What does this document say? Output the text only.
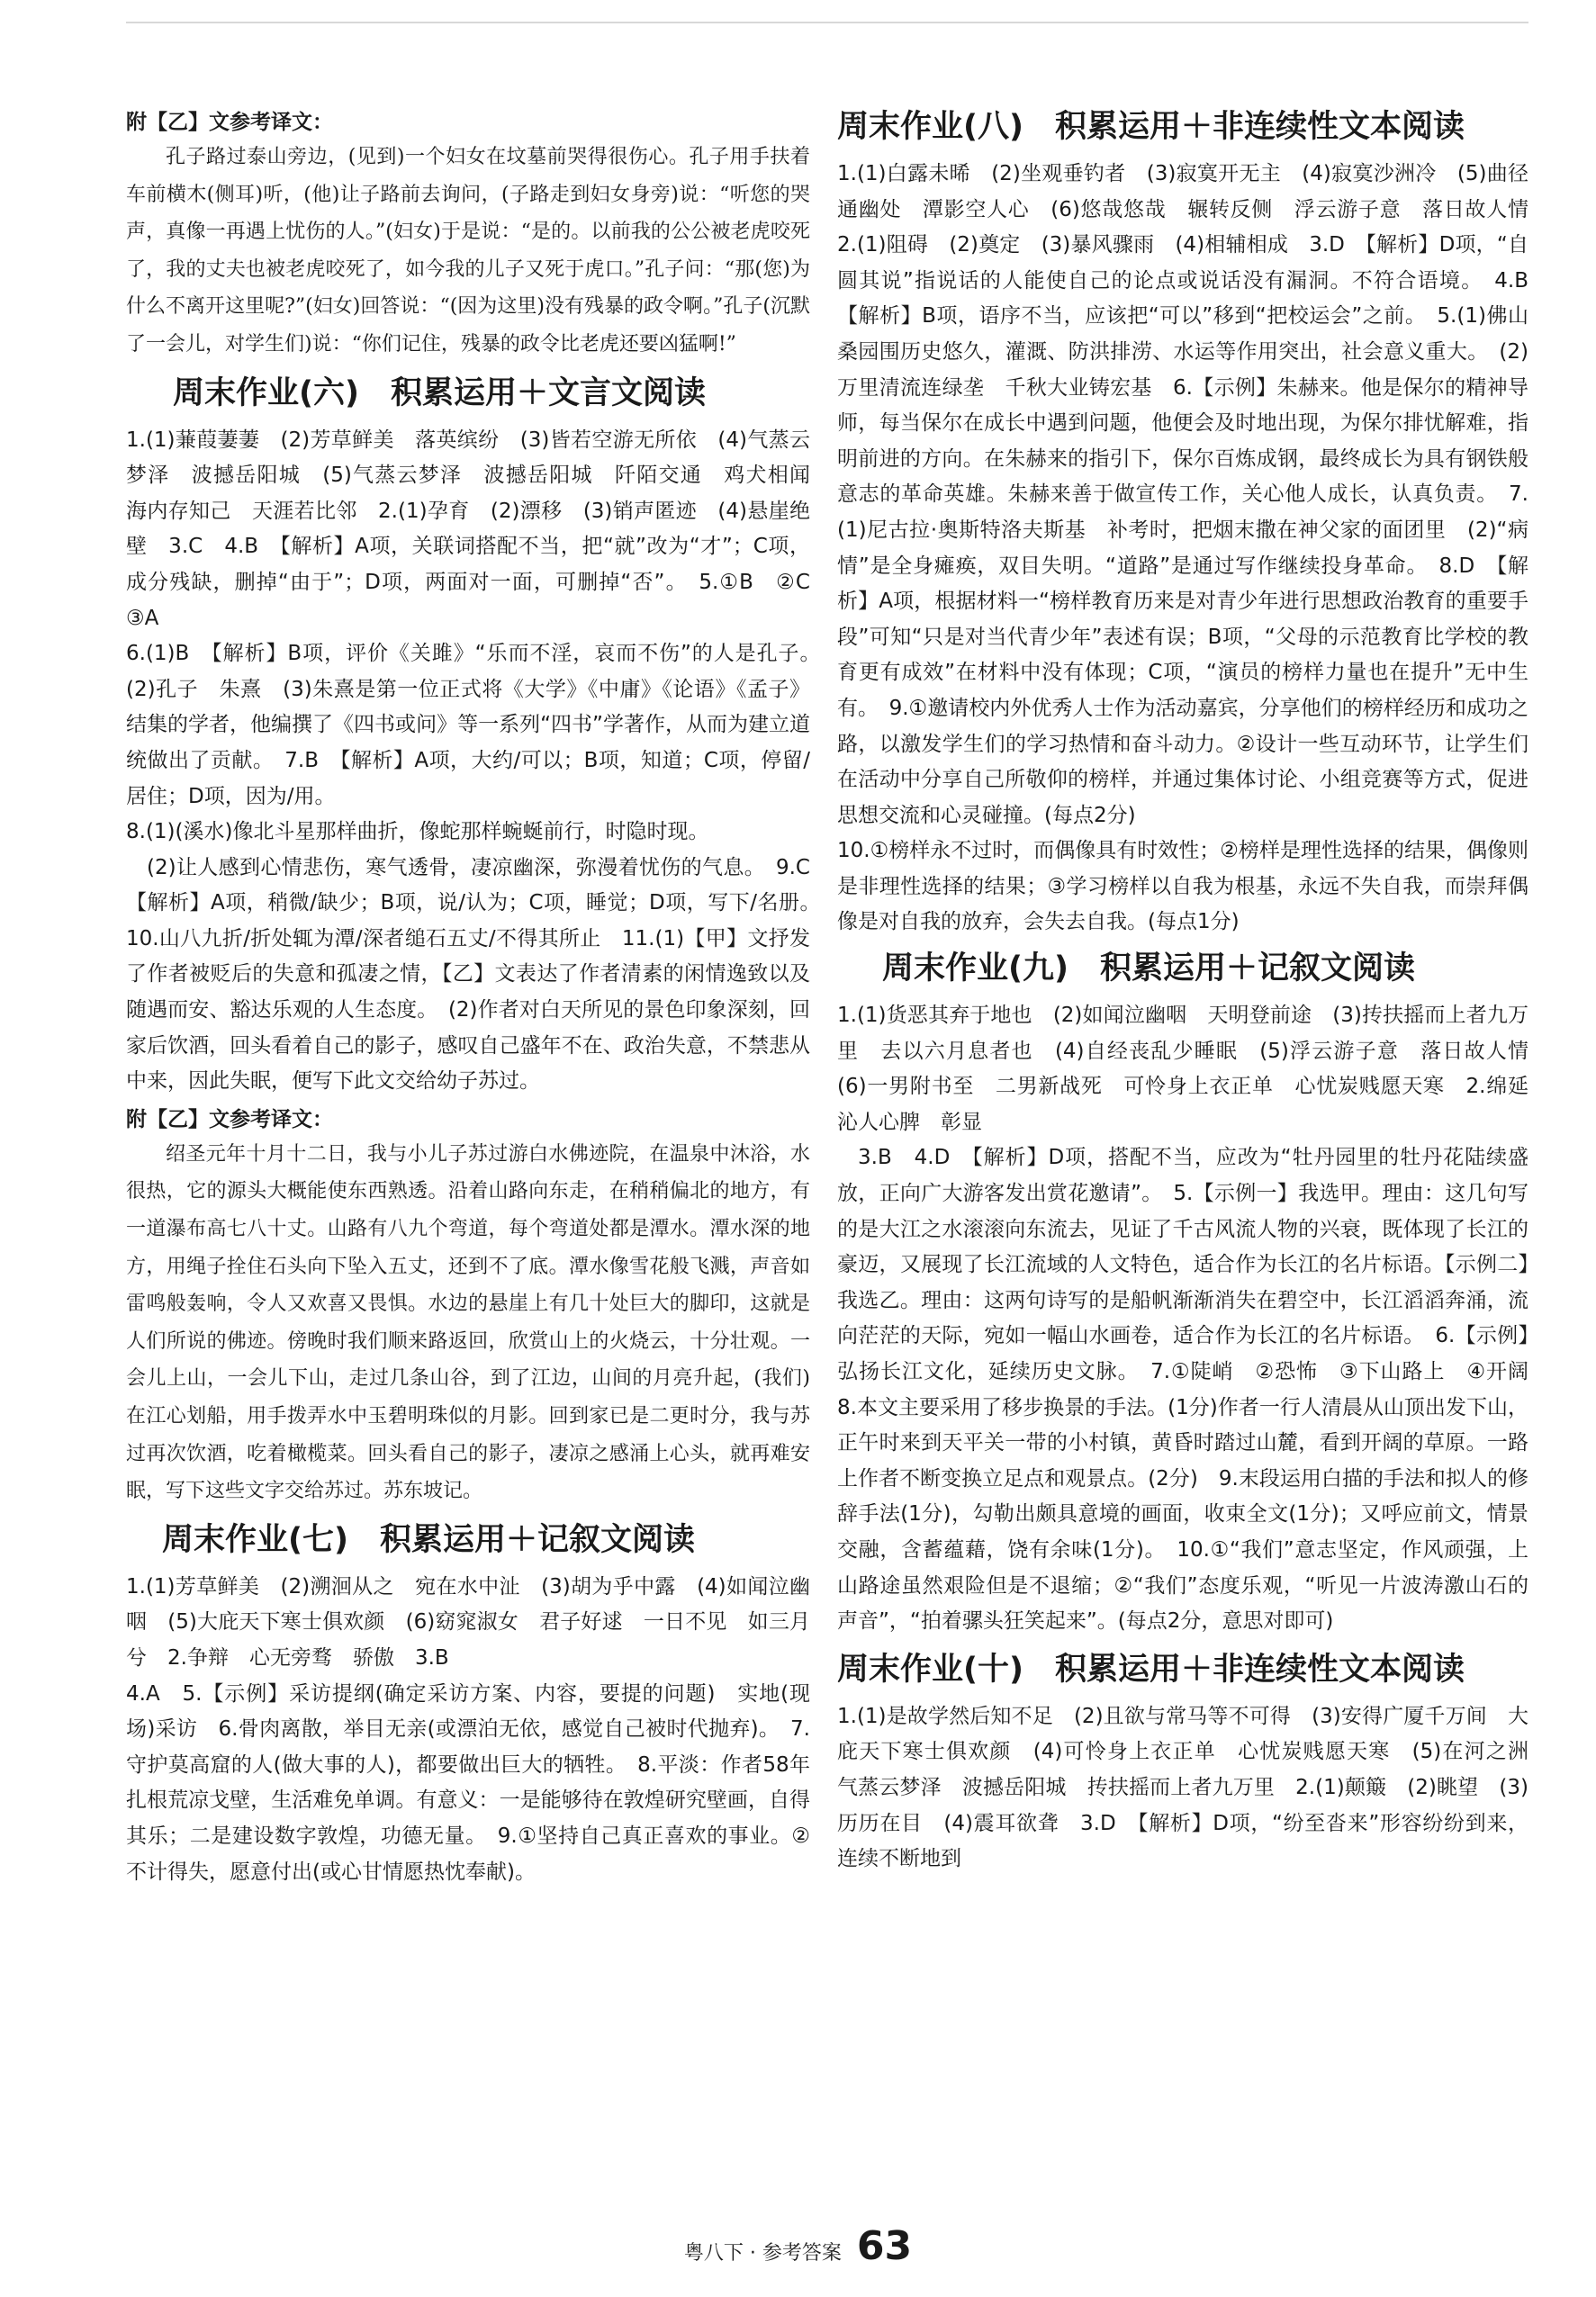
附【乙】文参考译文：

孔子路过泰山旁边，(见到)一个妇女在坟墓前哭得很伤心。孔子用手扶着车前横木(侧耳)听，(他)让子路前去询问，(子路走到妇女身旁)说：“听您的哭声，真像一再遇上忧伤的人。”(妇女)于是说：“是的。以前我的公公被老虎咬死了，我的丈夫也被老虎咬死了，如今我的儿子又死于虎口。”孔子问：“那(您)为什么不离开这里呢?”(妇女)回答说：“(因为这里)没有残暴的政令啊。”孔子(沉默了一会儿，对学生们)说：“你们记住，残暴的政令比老虎还要凶猛啊!”

周末作业(六)　积累运用＋文言文阅读

1.(1)蒹葭萋萋　(2)芳草鲜美　落英缤纷　(3)皆若空游无所依　(4)气蒸云梦泽　波撼岳阳城　(5)气蒸云梦泽　波撼岳阳城　阡陌交通　鸡犬相闻　海内存知己　天涯若比邻　2.(1)孕育　(2)漂移　(3)销声匿迹　(4)悬崖绝壁　3.C　4.B　【解析】A项，关联词搭配不当，把“就”改为“才”；C项，成分残缺，删掉“由于”；D项，两面对一面，可删掉“否”。　5.①B　②C　③A

6.(1)B　【解析】B项，评价《关雎》“乐而不淫，哀而不伤”的人是孔子。　(2)孔子　朱熹　(3)朱熹是第一位正式将《大学》《中庸》《论语》《孟子》结集的学者，他编撰了《四书或问》等一系列“四书”学著作，从而为建立道统做出了贡献。　7.B　【解析】A项，大约/可以；B项，知道；C项，停留/居住；D项，因为/用。

8.(1)(溪水)像北斗星那样曲折，像蛇那样蜿蜒前行，时隐时现。

(2)让人感到心情悲伤，寒气透骨，凄凉幽深，弥漫着忧伤的气息。　9.C　【解析】A项，稍微/缺少；B项，说/认为；C项，睡觉；D项，写下/名册。　10.山八九折/折处辄为潭/深者缒石五丈/不得其所止　11.(1)【甲】文抒发了作者被贬后的失意和孤凄之情，【乙】文表达了作者清素的闲情逸致以及随遇而安、豁达乐观的人生态度。　(2)作者对白天所见的景色印象深刻，回家后饮酒，回头看着自己的影子，感叹自己盛年不在、政治失意，不禁悲从中来，因此失眠，便写下此文交给幼子苏过。

附【乙】文参考译文：

绍圣元年十月十二日，我与小儿子苏过游白水佛迹院，在温泉中沐浴，水很热，它的源头大概能使东西熟透。沿着山路向东走，在稍稍偏北的地方，有一道瀑布高七八十丈。山路有八九个弯道，每个弯道处都是潭水。潭水深的地方，用绳子拴住石头向下坠入五丈，还到不了底。潭水像雪花般飞溅，声音如雷鸣般轰响，令人又欢喜又畏惧。水边的悬崖上有几十处巨大的脚印，这就是人们所说的佛迹。傍晚时我们顺来路返回，欣赏山上的火烧云，十分壮观。一会儿上山，一会儿下山，走过几条山谷，到了江边，山间的月亮升起，(我们)在江心划船，用手拨弄水中玉碧明珠似的月影。回到家已是二更时分，我与苏过再次饮酒，吃着橄榄菜。回头看自己的影子，凄凉之感涌上心头，就再难安眠，写下这些文字交给苏过。苏东坡记。

周末作业(七)　积累运用＋记叙文阅读

1.(1)芳草鲜美　(2)溯洄从之　宛在水中沚　(3)胡为乎中露　(4)如闻泣幽咽　(5)大庇天下寒士俱欢颜　(6)窈窕淑女　君子好逑　一日不见　如三月兮　2.争辩　心无旁骛　骄傲　3.B

4.A　5.【示例】采访提纲(确定采访方案、内容，要提的问题)　实地(现场)采访　6.骨肉离散，举目无亲(或漂泊无依，感觉自己被时代抛弃)。　7.守护莫高窟的人(做大事的人)，都要做出巨大的牺牲。　8.平淡：作者58年扎根荒凉戈壁，生活难免单调。有意义：一是能够待在敦煌研究壁画，自得其乐；二是建设数字敦煌，功德无量。　9.①坚持自己真正喜欢的事业。②不计得失，愿意付出(或心甘情愿热忱奉献)。

周末作业(八)　积累运用＋非连续性文本阅读

1.(1)白露未晞　(2)坐观垂钓者　(3)寂寞开无主　(4)寂寞沙洲冷　(5)曲径通幽处　潭影空人心　(6)悠哉悠哉　辗转反侧　浮云游子意　落日故人情　2.(1)阻碍　(2)奠定　(3)暴风骤雨　(4)相辅相成　3.D　【解析】D项，“自圆其说”指说话的人能使自己的论点或说话没有漏洞。不符合语境。　4.B　【解析】B项，语序不当，应该把“可以”移到“把校运会”之前。　5.(1)佛山桑园围历史悠久，灌溉、防洪排涝、水运等作用突出，社会意义重大。　(2)万里清流连绿垄　千秋大业铸宏基　6.【示例】朱赫来。他是保尔的精神导师，每当保尔在成长中遇到问题，他便会及时地出现，为保尔排忧解难，指明前进的方向。在朱赫来的指引下，保尔百炼成钢，最终成长为具有钢铁般意志的革命英雄。朱赫来善于做宣传工作，关心他人成长，认真负责。　7.(1)尼古拉·奥斯特洛夫斯基　补考时，把烟末撒在神父家的面团里　(2)“病情”是全身瘫痪，双目失明。“道路”是通过写作继续投身革命。　8.D　【解析】A项，根据材料一“榜样教育历来是对青少年进行思想政治教育的重要手段”可知“只是对当代青少年”表述有误；B项，“父母的示范教育比学校的教育更有成效”在材料中没有体现；C项，“演员的榜样力量也在提升”无中生有。　9.①邀请校内外优秀人士作为活动嘉宾，分享他们的榜样经历和成功之路，以激发学生们的学习热情和奋斗动力。②设计一些互动环节，让学生们在活动中分享自己所敬仰的榜样，并通过集体讨论、小组竞赛等方式，促进思想交流和心灵碰撞。(每点2分)

10.①榜样永不过时，而偶像具有时效性；②榜样是理性选择的结果，偶像则是非理性选择的结果；③学习榜样以自我为根基，永远不失自我，而崇拜偶像是对自我的放弃，会失去自我。(每点1分)

周末作业(九)　积累运用＋记叙文阅读

1.(1)货恶其弃于地也　(2)如闻泣幽咽　天明登前途　(3)抟扶摇而上者九万里　去以六月息者也　(4)自经丧乱少睡眠　(5)浮云游子意　落日故人情　(6)一男附书至　二男新战死　可怜身上衣正单　心忧炭贱愿天寒　2.绵延　沁人心脾　彰显

3.B　4.D　【解析】D项，搭配不当，应改为“牡丹园里的牡丹花陆续盛放，正向广大游客发出赏花邀请”。　5.【示例一】我选甲。理由：这几句写的是大江之水滚滚向东流去，见证了千古风流人物的兴衰，既体现了长江的豪迈，又展现了长江流域的人文特色，适合作为长江的名片标语。【示例二】我选乙。理由：这两句诗写的是船帆渐渐消失在碧空中，长江滔滔奔涌，流向茫茫的天际，宛如一幅山水画卷，适合作为长江的名片标语。　6.【示例】弘扬长江文化，延续历史文脉。　7.①陡峭　②恐怖　③下山路上　④开阔　8.本文主要采用了移步换景的手法。(1分)作者一行人清晨从山顶出发下山，正午时来到天平关一带的小村镇，黄昏时踏过山麓，看到开阔的草原。一路上作者不断变换立足点和观景点。(2分)　9.末段运用白描的手法和拟人的修辞手法(1分)，勾勒出颇具意境的画面，收束全文(1分)；又呼应前文，情景交融，含蓄蕴藉，饶有余味(1分)。　10.①“我们”意志坚定，作风顽强，上山路途虽然艰险但是不退缩；②“我们”态度乐观，“听见一片波涛激山石的声音”，“拍着骡头狂笑起来”。(每点2分，意思对即可)

周末作业(十)　积累运用＋非连续性文本阅读

1.(1)是故学然后知不足　(2)且欲与常马等不可得　(3)安得广厦千万间　大庇天下寒士俱欢颜　(4)可怜身上衣正单　心忧炭贱愿天寒　(5)在河之洲　气蒸云梦泽　波撼岳阳城　抟扶摇而上者九万里　2.(1)颠簸　(2)眺望　(3)历历在目　(4)震耳欲聋　3.D　【解析】D项，“纷至沓来”形容纷纷到来，连续不断地到

粤八下 · 参考答案 63
